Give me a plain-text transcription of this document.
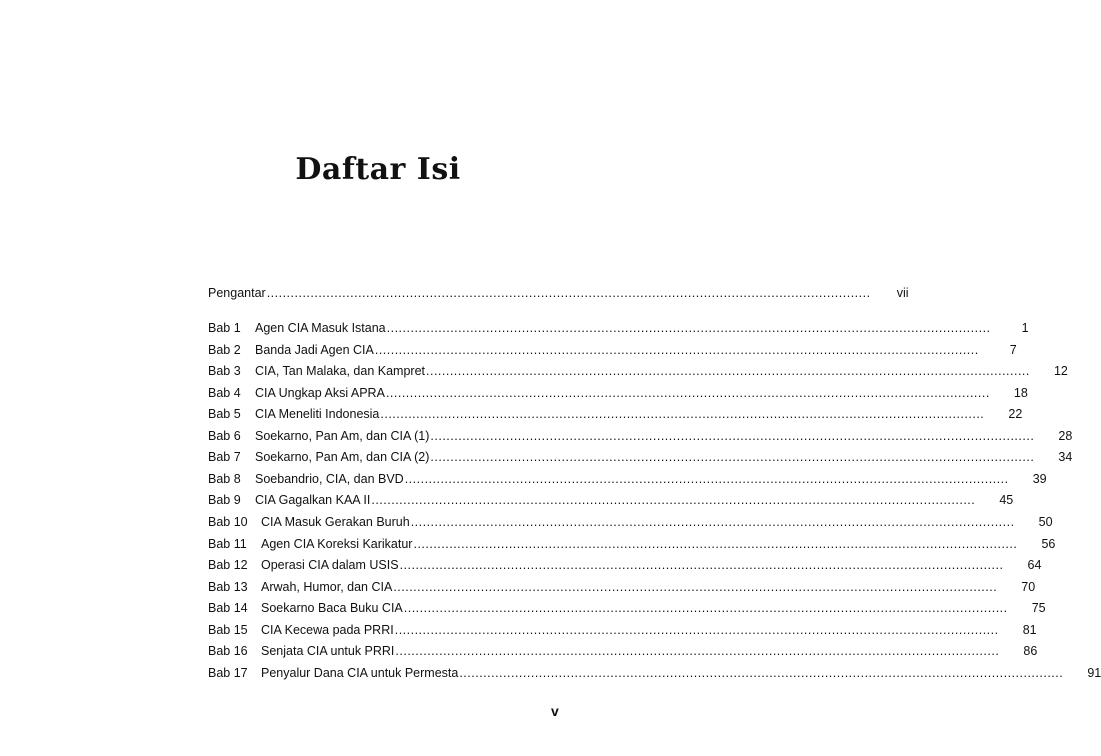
Daftar Isi
Pengantar .....	vii
Bab 1	Agen CIA Masuk Istana .....	1
Bab 2	Banda Jadi Agen CIA .....	7
Bab 3	CIA, Tan Malaka, dan Kampret .....	12
Bab 4	CIA Ungkap Aksi APRA .....	18
Bab 5	CIA Meneliti Indonesia .....	22
Bab 6	Soekarno, Pan Am, dan CIA (1) .....	28
Bab 7	Soekarno, Pan Am, dan CIA (2) .....	34
Bab 8	Soebandrio, CIA, dan BVD .....	39
Bab 9	CIA Gagalkan KAA II .....	45
Bab 10	CIA Masuk Gerakan Buruh .....	50
Bab 11	Agen CIA Koreksi Karikatur .....	56
Bab 12	Operasi CIA dalam USIS .....	64
Bab 13	Arwah, Humor, dan CIA .....	70
Bab 14	Soekarno Baca Buku CIA .....	75
Bab 15	CIA Kecewa pada PRRI .....	81
Bab 16	Senjata CIA untuk PRRI .....	86
Bab 17	Penyalur Dana CIA untuk Permesta .....	91
v
